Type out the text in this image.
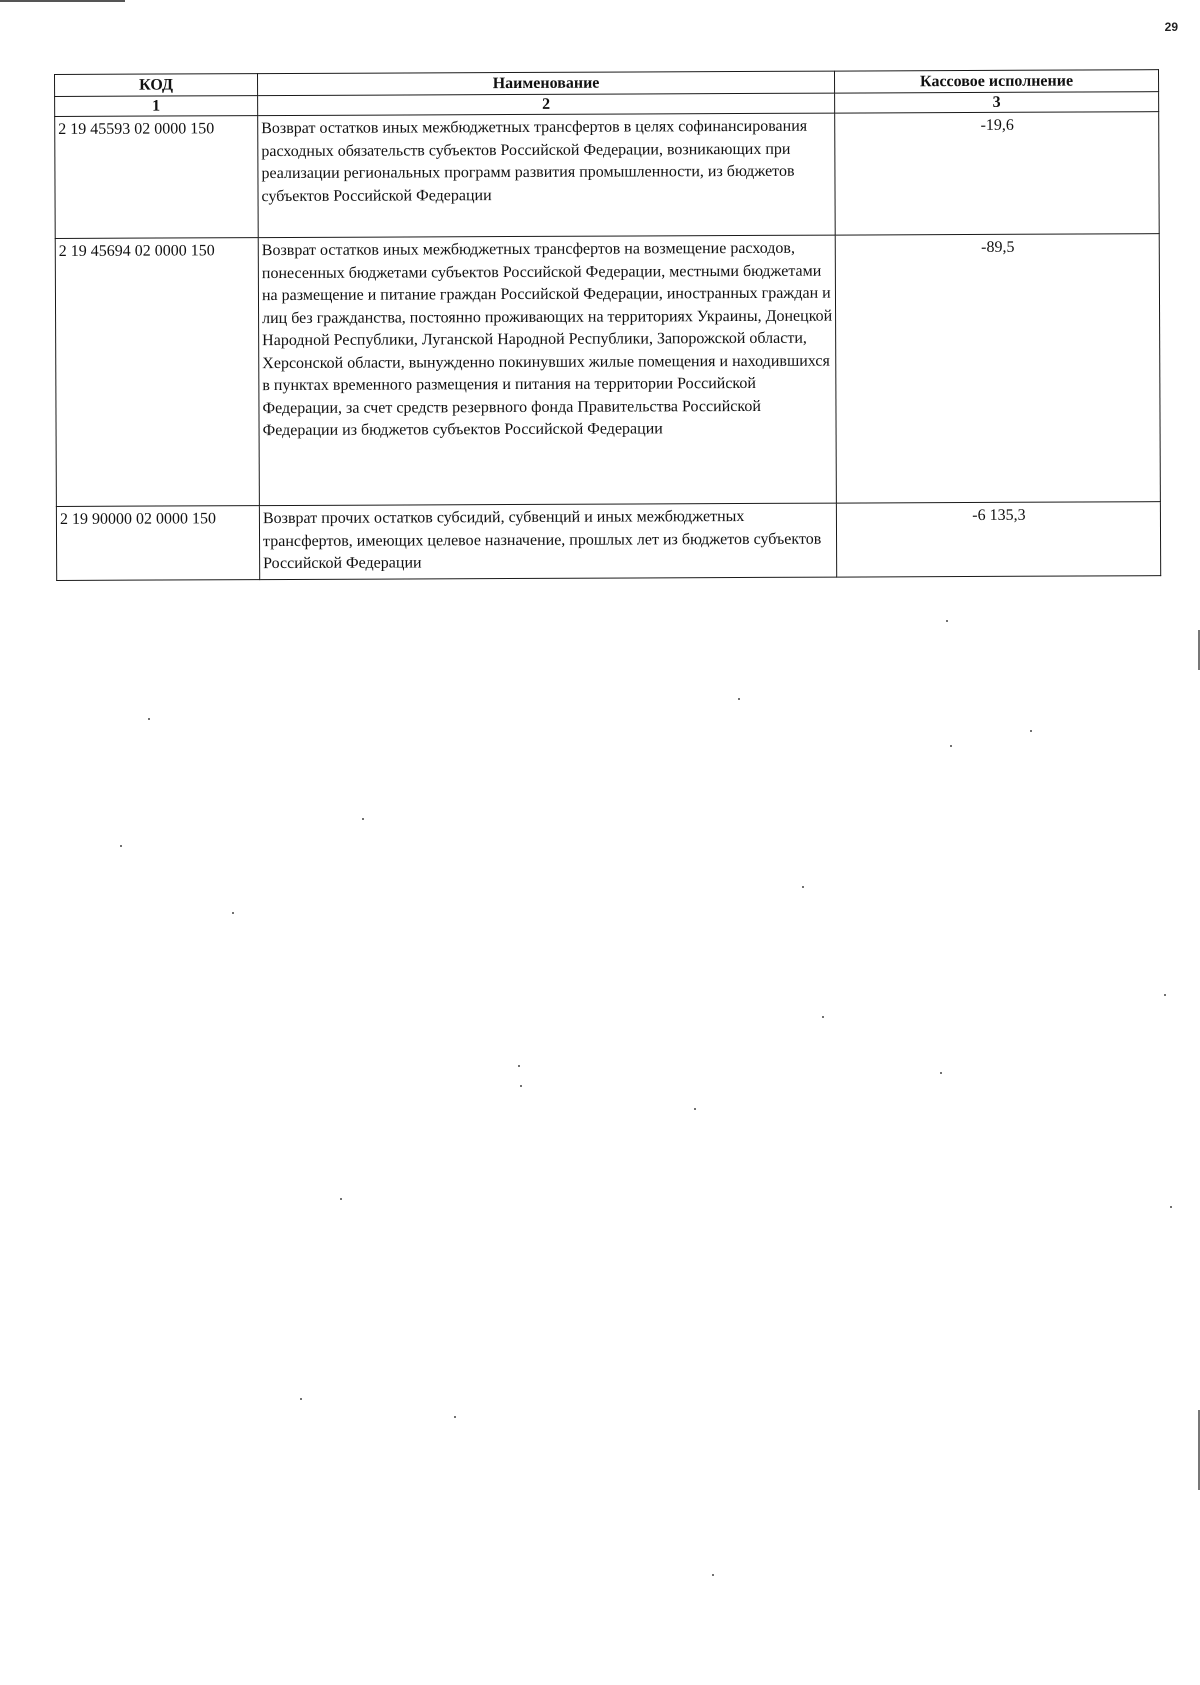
29
КОД	Наименование	Кассовое исполнение
1	2	3
2 19 45593 02 0000 150	Возврат остатков иных межбюджетных трансфертов в целях софинансирования расходных обязательств субъектов Российской Федерации, возникающих при реализации региональных программ развития промышленности, из бюджетов субъектов Российской Федерации	-19,6
2 19 45694 02 0000 150	Возврат остатков иных межбюджетных трансфертов на возмещение расходов, понесенных бюджетами субъектов Российской Федерации, местными бюджетами на размещение и питание граждан Российской Федерации, иностранных граждан и лиц без гражданства, постоянно проживающих на территориях Украины, Донецкой Народной Республики, Луганской Народной Республики, Запорожской области, Херсонской области, вынужденно покинувших жилые помещения и находившихся в пунктах временного размещения и питания на территории Российской Федерации, за счет средств резервного фонда Правительства Российской Федерации из бюджетов субъектов Российской Федерации	-89,5
2 19 90000 02 0000 150	Возврат прочих остатков субсидий, субвенций и иных межбюджетных трансфертов, имеющих целевое назначение, прошлых лет из бюджетов субъектов Российской Федерации	-6 135,3
